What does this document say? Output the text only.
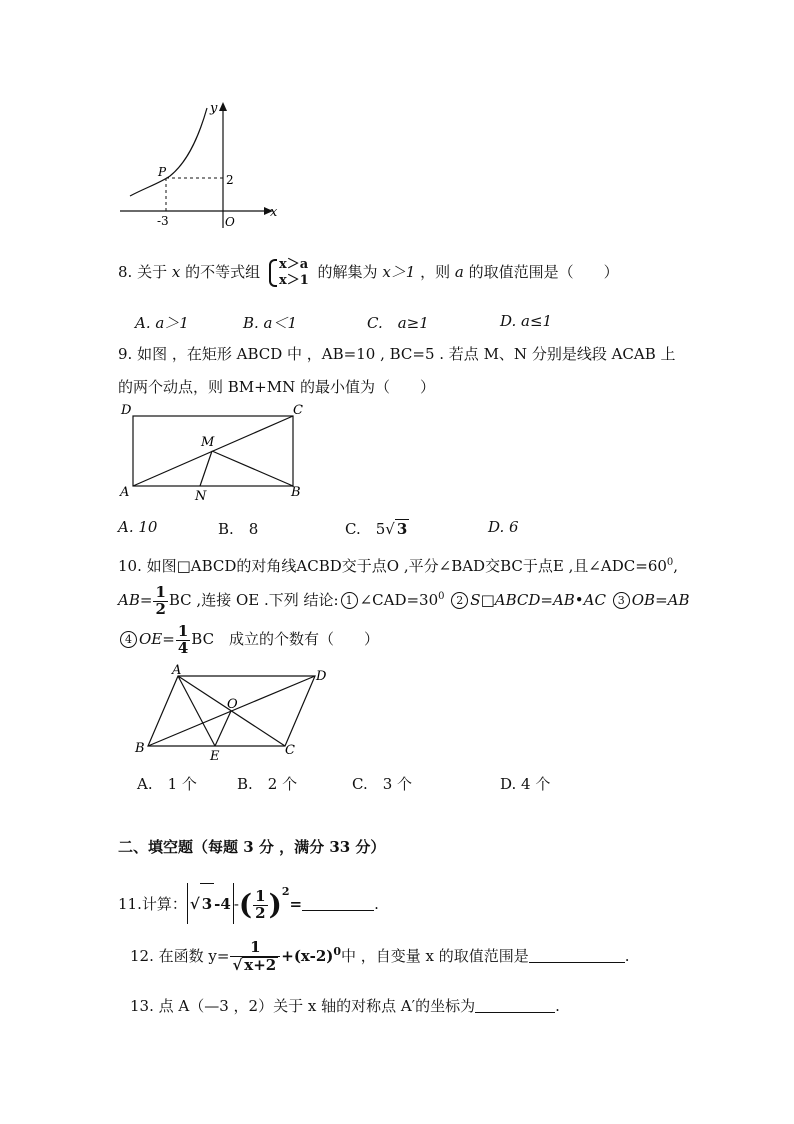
y
x
P
2
-3	O
8. 关于 x 的不等式组 x＞a
x＞1 的解集为 x＞1 ，则 a 的取值范围是（　　）
A. a＞1	B. a＜1	C.　a≥1	D. a≤1
9. 如图 ，在矩形 ABCD 中 ，AB=10 , BC=5 . 若点 M、N 分别是线段 ACAB 上
的两个动点，则 BM+MN 的最小值为（　　）
D	C
M
A	N	B
A. 10	B.　8	C.　5√ 3	D. 6
10. 如图□ABCD的对角线ACBD交于点O ,平分∠BAD交BC于点E ,且$\angle ADC=60^0$,
$AB= \frac{1}{2}$ BC ,连接 OE .下列 结论: 1 $\angle CAD=30^0$ 2 S□ABCD=AB•AC 3 OB=AB
4 $OE= \frac{1}{4}$ BC　成立的个数有（　　）
A	D
O
B
E	C
A.　1 个	B.　2 个	C.　3 个	D. 4 个
二、填空题（每题 3 分 ，满分 33 分）
11.计算： √ 3 -4 -( $\frac{1}{2} )^2=$	.
12. 在函数 $y= \frac{1}{√ x+2} +(x-2)^0$中 ，自变量 x 的取值范围是	.
13. 点 A（—3 ，2）关于 x 轴的对称点 A′的坐标为	.
